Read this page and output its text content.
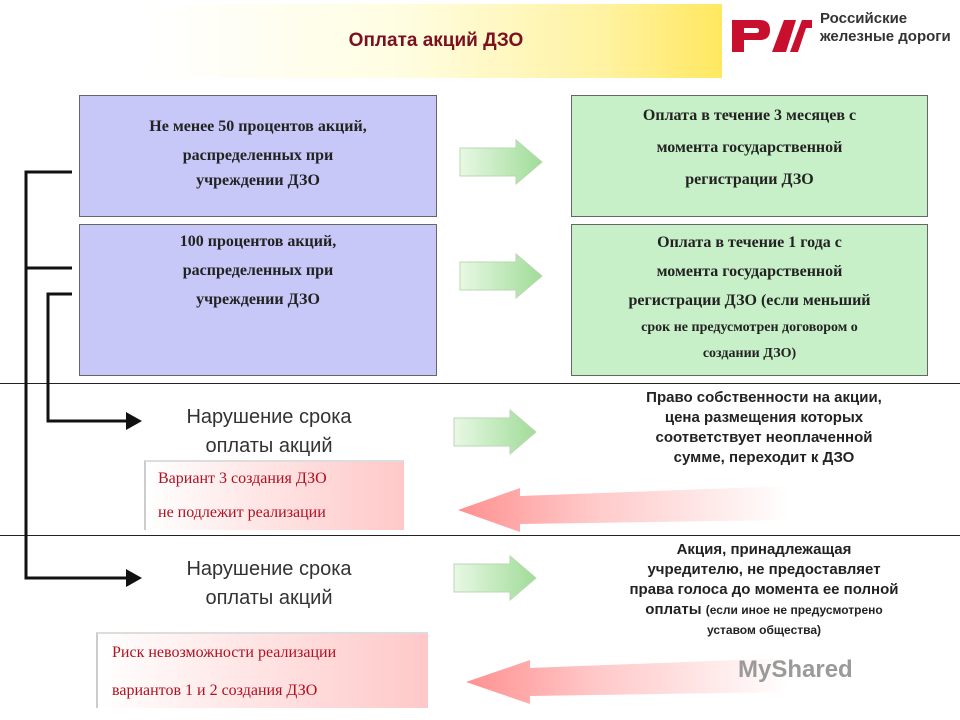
Оплата акций ДЗО
Российские
железные дороги
Не менее 50 процентов акций,
распределенных при
учреждении ДЗО
Оплата в течение 3 месяцев с
момента государственной
регистрации ДЗО
100 процентов акций,
распределенных при
учреждении ДЗО
Оплата в течение 1 года с
момента государственной
регистрации ДЗО (если меньший
срок не предусмотрен договором о
создании ДЗО)
Нарушение срока
оплаты акций
Право собственности на акции,
цена размещения которых
соответствует неоплаченной
сумме, переходит к ДЗО
Вариант 3 создания ДЗО
не подлежит реализации
Нарушение срока
оплаты акций
Акция, принадлежащая
учредителю, не предоставляет
права голоса до момента ее полной
оплаты (если иное не предусмотрено
уставом общества)
Риск невозможности реализации
вариантов 1 и 2 создания ДЗО
MyShared
